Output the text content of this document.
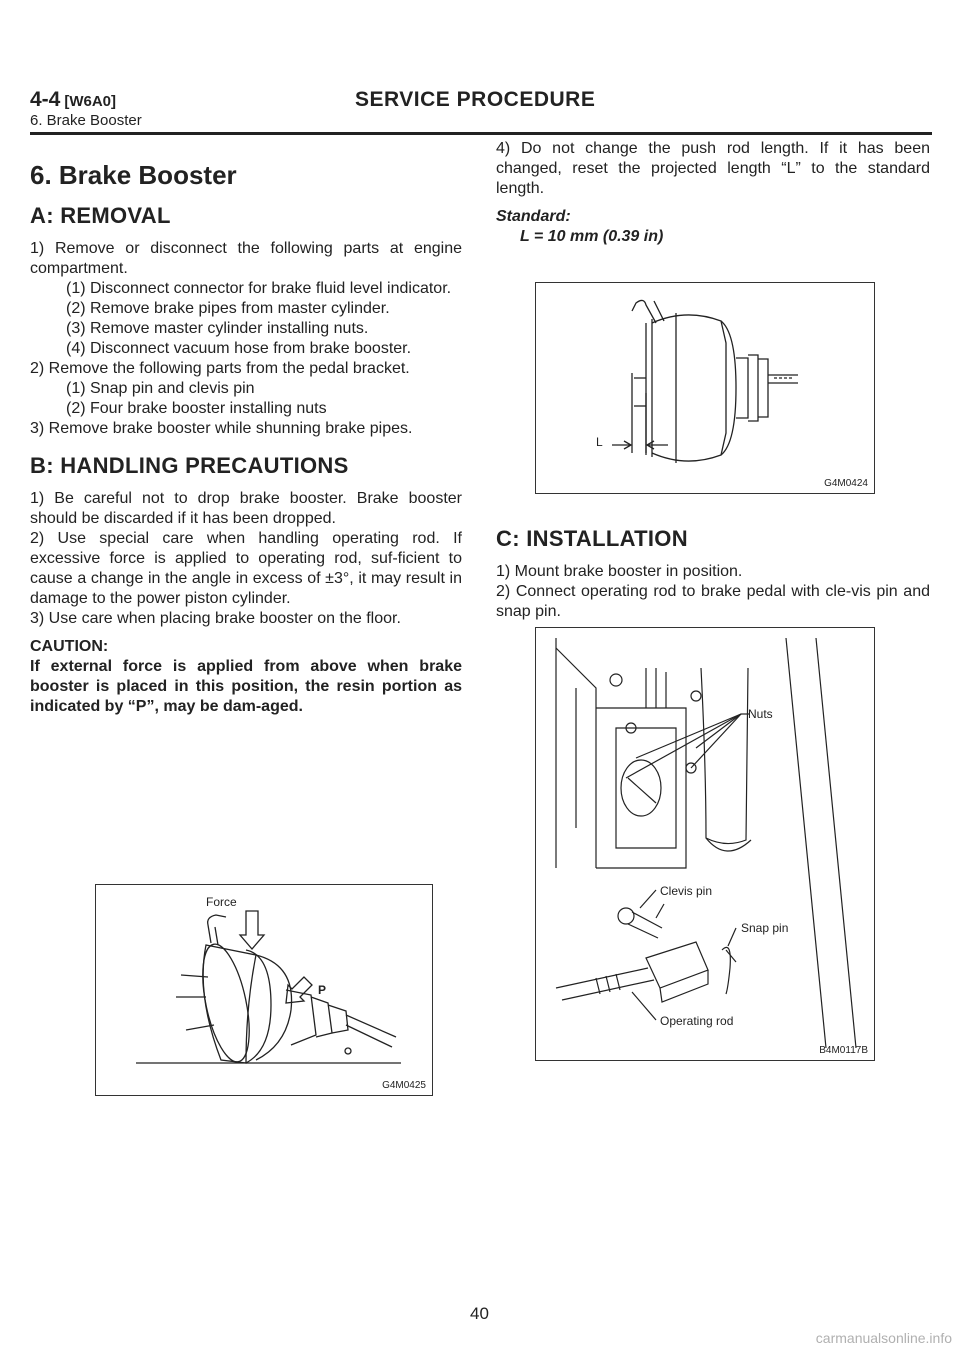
4-4 [W6A0]	SERVICE PROCEDURE
6. Brake Booster
6. Brake Booster
A: REMOVAL

1) Remove or disconnect the following parts at engine compartment.

(1) Disconnect connector for brake fluid level indicator.

(2) Remove brake pipes from master cylinder.

(3) Remove master cylinder installing nuts.

(4) Disconnect vacuum hose from brake booster.

2) Remove the following parts from the pedal bracket.

(1) Snap pin and clevis pin

(2) Four brake booster installing nuts

3) Remove brake booster while shunning brake pipes.

B: HANDLING PRECAUTIONS

1) Be careful not to drop brake booster. Brake booster should be discarded if it has been dropped.

2) Use special care when handling operating rod. If excessive force is applied to operating rod, suf-ficient to cause a change in the angle in excess of ±3°, it may result in damage to the power piston cylinder.

3) Use care when placing brake booster on the floor.

CAUTION:

If external force is applied from above when brake booster is placed in this position, the resin portion as indicated by “P”, may be dam-aged.

Force
P
G4M0425

4) Do not change the push rod length. If it has been changed, reset the projected length “L” to the standard length.

Standard:

L = 10 mm (0.39 in)

L
G4M0424
C: INSTALLATION

1) Mount brake booster in position.

2) Connect operating rod to brake pedal with cle-vis pin and snap pin.

Nuts
Clevis pin
Snap pin
Operating rod
B4M0117B
40
carmanualsonline.info
